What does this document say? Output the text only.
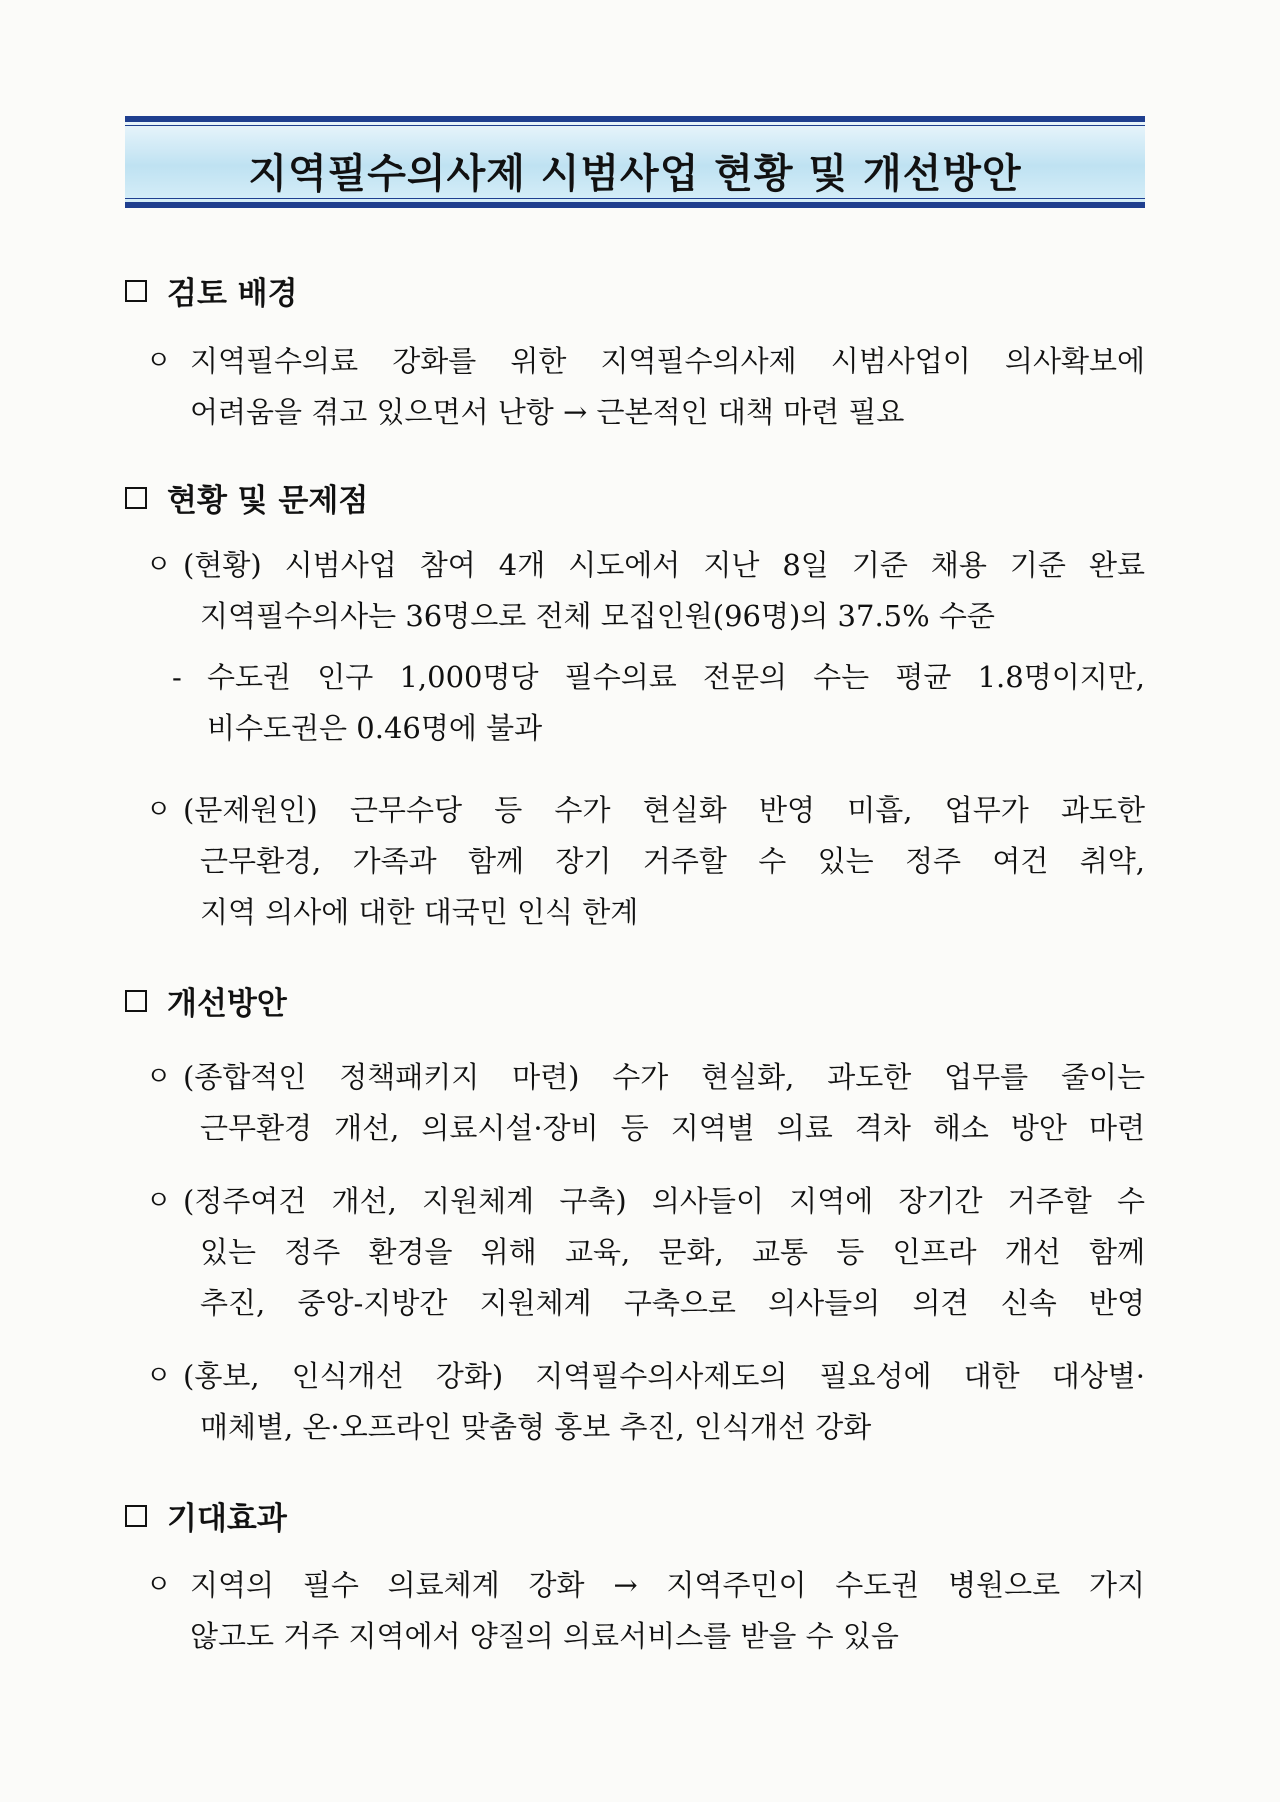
지역필수의사제 시범사업 현황 및 개선방안
검토 배경
ㅇ 지역필수의료 강화를 위한 지역필수의사제 시범사업이 의사확보에
어려움을 겪고 있으면서 난항 → 근본적인 대책 마련 필요
현황 및 문제점
ㅇ (현황) 시범사업 참여 4개 시도에서 지난 8일 기준 채용 기준 완료
지역필수의사는 36명으로 전체 모집인원(96명)의 37.5% 수준
- 수도권 인구 1,000명당 필수의료 전문의 수는 평균 1.8명이지만,
비수도권은 0.46명에 불과
ㅇ (문제원인) 근무수당 등 수가 현실화 반영 미흡, 업무가 과도한
근무환경, 가족과 함께 장기 거주할 수 있는 정주 여건 취약,
지역 의사에 대한 대국민 인식 한계
개선방안
ㅇ (종합적인 정책패키지 마련) 수가 현실화, 과도한 업무를 줄이는
근무환경 개선, 의료시설·장비 등 지역별 의료 격차 해소 방안 마련
ㅇ (정주여건 개선, 지원체계 구축) 의사들이 지역에 장기간 거주할 수
있는 정주 환경을 위해 교육, 문화, 교통 등 인프라 개선 함께
추진, 중앙-지방간 지원체계 구축으로 의사들의 의견 신속 반영
ㅇ (홍보, 인식개선 강화) 지역필수의사제도의 필요성에 대한 대상별·
매체별, 온·오프라인 맞춤형 홍보 추진, 인식개선 강화
기대효과
ㅇ 지역의 필수 의료체계 강화 → 지역주민이 수도권 병원으로 가지
않고도 거주 지역에서 양질의 의료서비스를 받을 수 있음
